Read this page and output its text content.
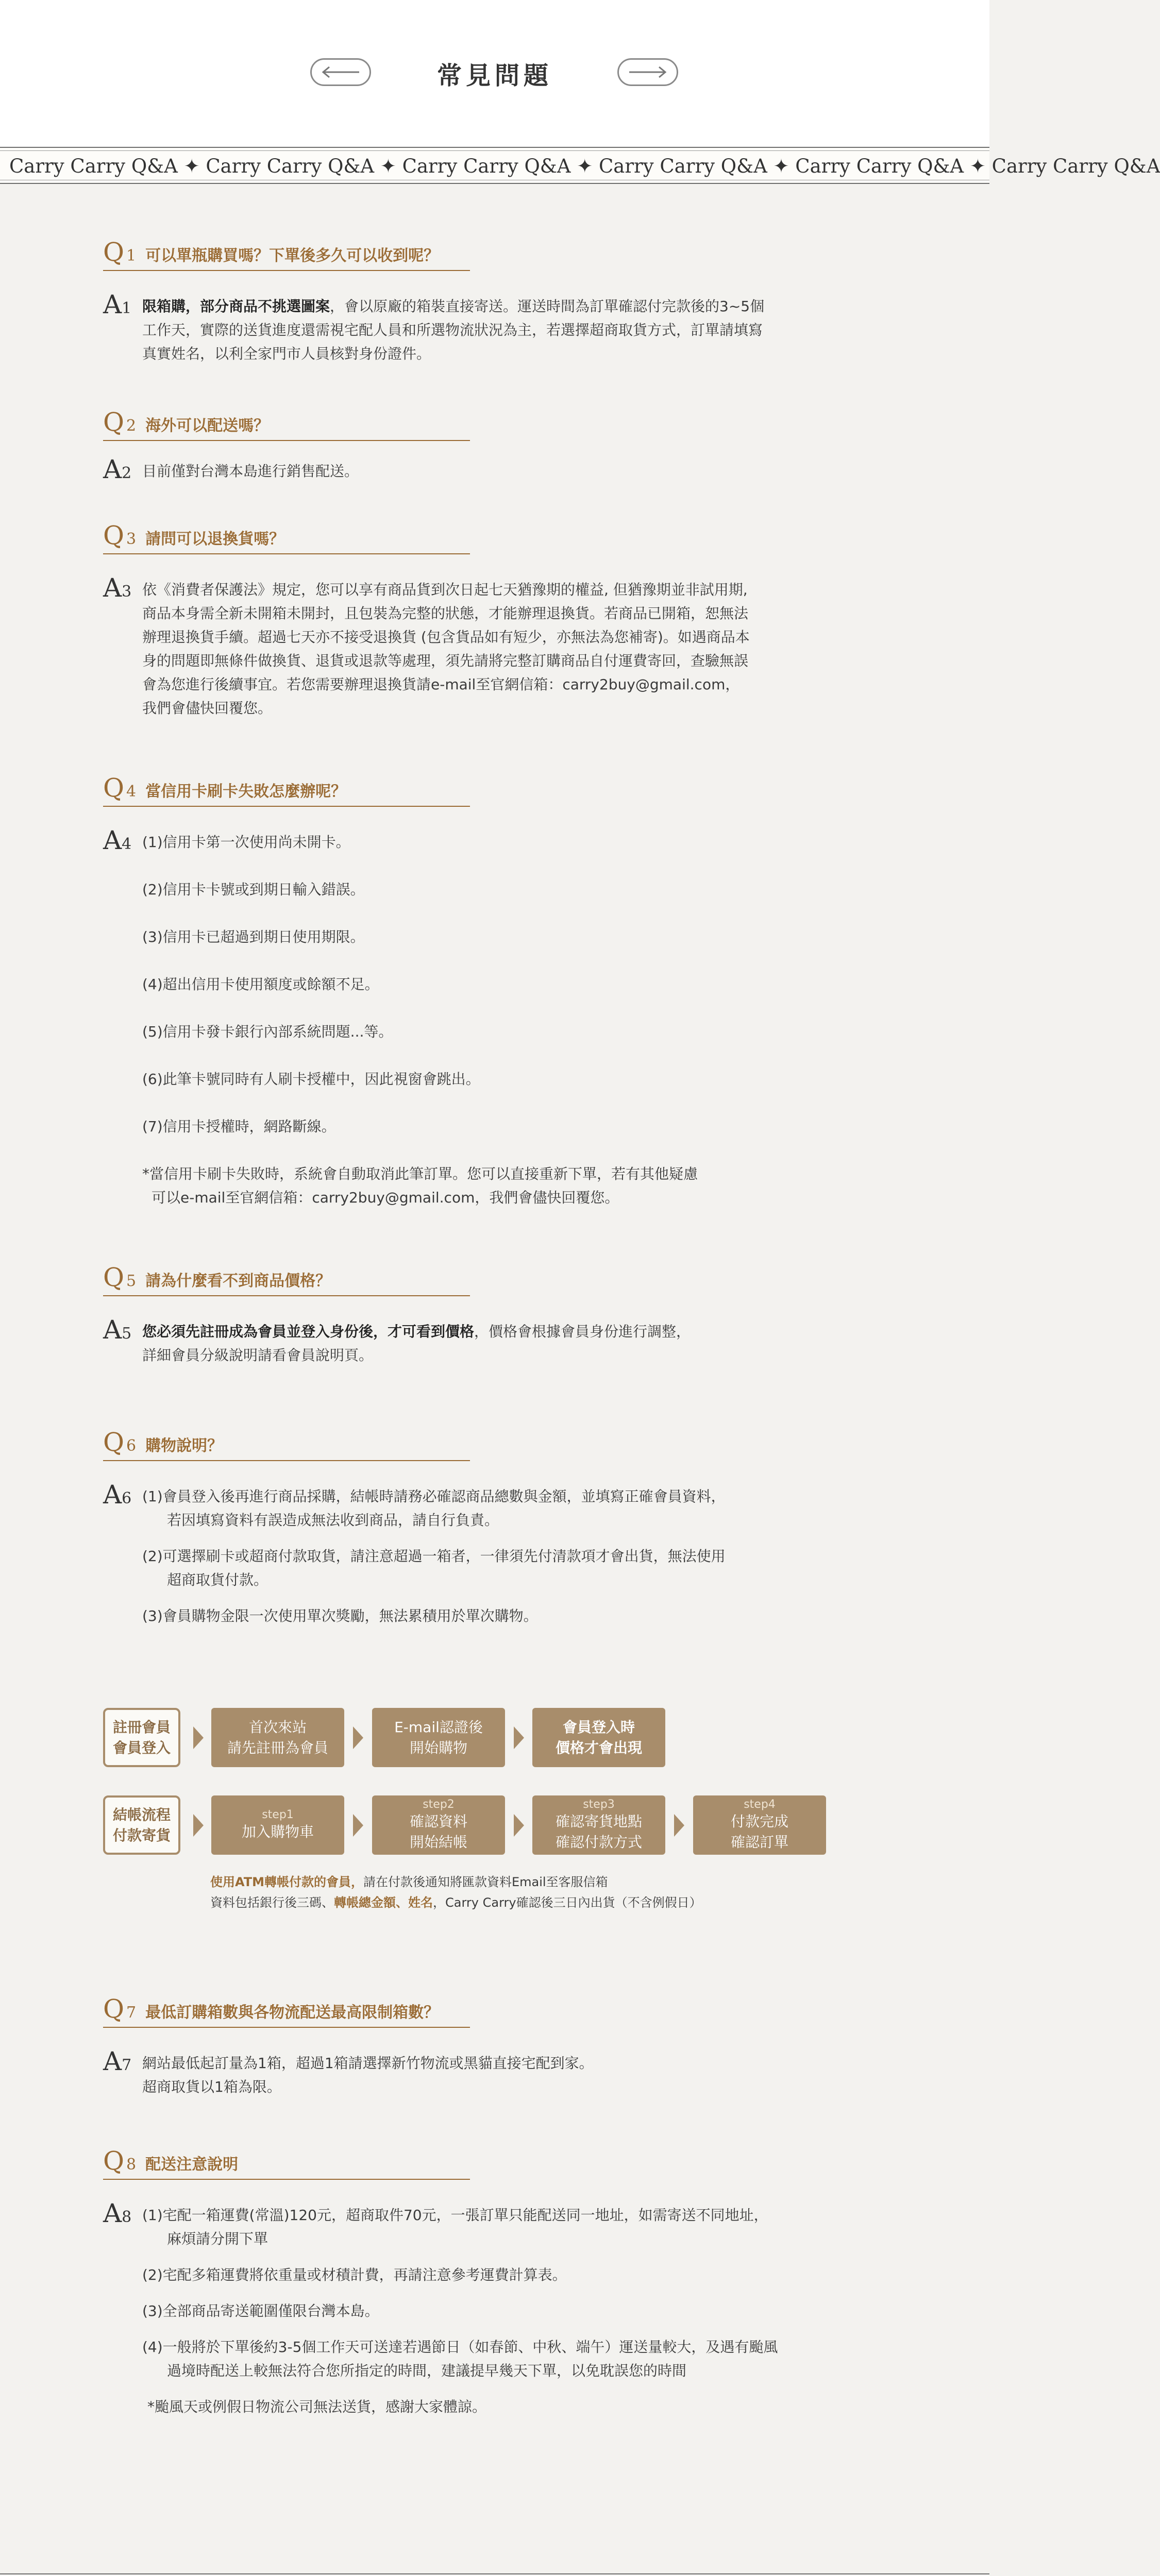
常見問題
Carry Carry Q&A ✦ Carry Carry Q&A ✦ Carry Carry Q&A ✦ Carry Carry Q&A ✦ Carry Carry Q&A ✦ Carry Carry Q&A
Q 1 可以單瓶購買嗎？下單後多久可以收到呢？
A1 限箱購，部分商品不挑選圖案，會以原廠的箱裝直接寄送。運送時間為訂單確認付完款後的3~5個

工作天，實際的送貨進度還需視宅配人員和所選物流狀況為主，若選擇超商取貨方式，訂單請填寫

真實姓名，以利全家門市人員核對身份證件。

Q 2 海外可以配送嗎？
A2 目前僅對台灣本島進行銷售配送。

Q 3 請問可以退換貨嗎？
A3 依《消費者保護法》規定，您可以享有商品貨到次日起七天猶豫期的權益, 但猶豫期並非試用期,

商品本身需全新未開箱未開封，且包裝為完整的狀態，才能辦理退換貨。若商品已開箱，恕無法

辦理退換貨手續。超過七天亦不接受退換貨 (包含貨品如有短少，亦無法為您補寄)。如遇商品本

身的問題即無條件做換貨、退貨或退款等處理，須先請將完整訂購商品自付運費寄回，查驗無誤

會為您進行後續事宜。若您需要辦理退換貨請e-mail至官網信箱：carry2buy@gmail.com，

我們會儘快回覆您。

Q 4 當信用卡刷卡失敗怎麼辦呢？
A4 (1)信用卡第一次使用尚未開卡。

(2)信用卡卡號或到期日輸入錯誤。

(3)信用卡已超過到期日使用期限。

(4)超出信用卡使用額度或餘額不足。

(5)信用卡發卡銀行內部系統問題...等。

(6)此筆卡號同時有人刷卡授權中，因此視窗會跳出。

(7)信用卡授權時，網路斷線。

*當信用卡刷卡失敗時，系統會自動取消此筆訂單。您可以直接重新下單，若有其他疑慮

可以e-mail至官網信箱：carry2buy@gmail.com，我們會儘快回覆您。

Q 5 請為什麼看不到商品價格？
A5 您必須先註冊成為會員並登入身份後，才可看到價格，價格會根據會員身份進行調整，

詳細會員分級說明請看會員說明頁。

Q 6 購物說明？
A6 (1)會員登入後再進行商品採購，結帳時請務必確認商品總數與金額，並填寫正確會員資料，

若因填寫資料有誤造成無法收到商品，請自行負責。

(2)可選擇刷卡或超商付款取貨，請注意超過一箱者，一律須先付清款項才會出貨，無法使用

超商取貨付款。

(3)會員購物金限一次使用單次獎勵，無法累積用於單次購物。

註冊會員
會員登入
首次來站
請先註冊為會員
E-mail認證後
開始購物
會員登入時
價格才會出現
結帳流程
付款寄貨
step1
加入購物車
step2
確認資料
開始結帳
step3
確認寄貨地點
確認付款方式
step4
付款完成
確認訂單
使用ATM轉帳付款的會員，請在付款後通知將匯款資料Email至客服信箱
資料包括銀行後三碼、轉帳總金額、姓名，Carry Carry確認後三日內出貨（不含例假日）
Q 7 最低訂購箱數與各物流配送最高限制箱數？
A7 網站最低起訂量為1箱，超過1箱請選擇新竹物流或黑貓直接宅配到家。

超商取貨以1箱為限。

Q 8 配送注意說明
A8 (1)宅配一箱運費(常溫)120元，超商取件70元，一張訂單只能配送同一地址，如需寄送不同地址，

麻煩請分開下單

(2)宅配多箱運費將依重量或材積計費，再請注意參考運費計算表。

(3)全部商品寄送範圍僅限台灣本島。

(4)一般將於下單後約3-5個工作天可送達若遇節日（如春節、中秋、端午）運送量較大，及遇有颱風

過境時配送上較無法符合您所指定的時間，建議提早幾天下單，以免耽誤您的時間

*颱風天或例假日物流公司無法送貨，感謝大家體諒。
